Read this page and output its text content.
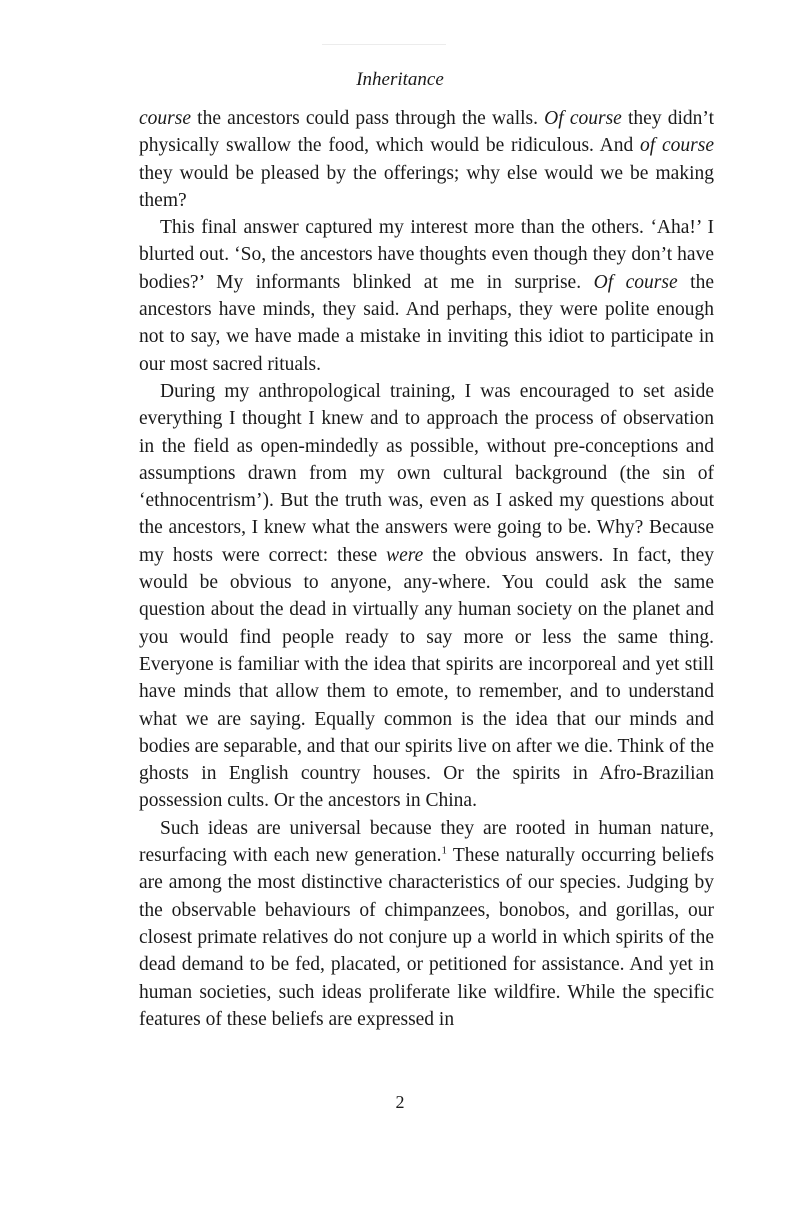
Inheritance

course the ancestors could pass through the walls. Of course they didn’t physically swallow the food, which would be ridiculous. And of course they would be pleased by the offerings; why else would we be making them?

This final answer captured my interest more than the others. ‘Aha!’ I blurted out. ‘So, the ancestors have thoughts even though they don’t have bodies?’ My informants blinked at me in surprise. Of course the ancestors have minds, they said. And perhaps, they were polite enough not to say, we have made a mistake in inviting this idiot to participate in our most sacred rituals.

During my anthropological training, I was encouraged to set aside everything I thought I knew and to approach the process of observation in the field as open-mindedly as possible, without pre-conceptions and assumptions drawn from my own cultural background (the sin of ‘ethnocentrism’). But the truth was, even as I asked my questions about the ancestors, I knew what the answers were going to be. Why? Because my hosts were correct: these were the obvious answers. In fact, they would be obvious to anyone, any-where. You could ask the same question about the dead in virtually any human society on the planet and you would find people ready to say more or less the same thing. Everyone is familiar with the idea that spirits are incorporeal and yet still have minds that allow them to emote, to remember, and to understand what we are saying. Equally common is the idea that our minds and bodies are separable, and that our spirits live on after we die. Think of the ghosts in English country houses. Or the spirits in Afro-Brazilian possession cults. Or the ancestors in China.

Such ideas are universal because they are rooted in human nature, resurfacing with each new generation.$^1$ These naturally occurring beliefs are among the most distinctive characteristics of our species. Judging by the observable behaviours of chimpanzees, bonobos, and gorillas, our closest primate relatives do not conjure up a world in which spirits of the dead demand to be fed, placated, or petitioned for assistance. And yet in human societies, such ideas proliferate like wildfire. While the specific features of these beliefs are expressed in

2
